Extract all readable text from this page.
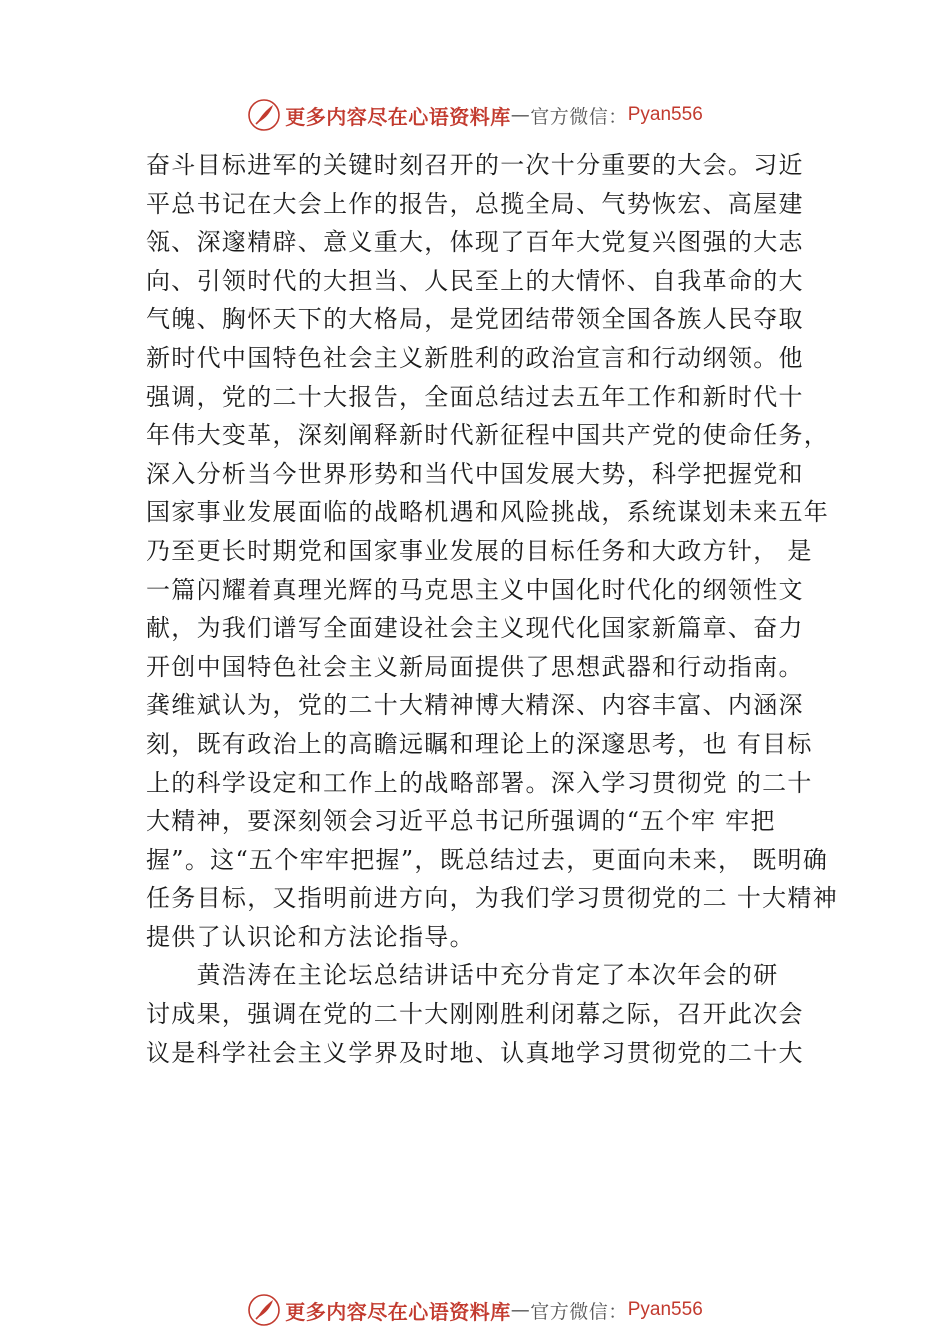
更多内容尽在心语资料库 — 官方微信： Pyan556
奋斗目标进军的关键时刻召开的一次十分重要的大会。习近
平总书记在大会上作的报告，总揽全局、气势恢宏、高屋建
瓴、深邃精辟、意义重大，体现了百年大党复兴图强的大志
向、引领时代的大担当、人民至上的大情怀、自我革命的大
气魄、胸怀天下的大格局，是党团结带领全国各族人民夺取
新时代中国特色社会主义新胜利的政治宣言和行动纲领。他
强调，党的二十大报告，全面总结过去五年工作和新时代十
年伟大变革，深刻阐释新时代新征程中国共产党的使命任务，
深入分析当今世界形势和当代中国发展大势，科学把握党和
国家事业发展面临的战略机遇和风险挑战，系统谋划未来五年
乃至更长时期党和国家事业发展的目标任务和大政方针， 是
一篇闪耀着真理光辉的马克思主义中国化时代化的纲领性文
献，为我们谱写全面建设社会主义现代化国家新篇章、奋力
开创中国特色社会主义新局面提供了思想武器和行动指南。
龚维斌认为，党的二十大精神博大精深、内容丰富、内涵深
刻，既有政治上的高瞻远瞩和理论上的深邃思考，也 有目标
上的科学设定和工作上的战略部署。深入学习贯彻党 的二十
大精神，要深刻领会习近平总书记所强调的“五个牢 牢把
握”。这“五个牢牢把握”，既总结过去，更面向未来， 既明确
任务目标，又指明前进方向，为我们学习贯彻党的二 十大精神
提供了认识论和方法论指导。
　　黄浩涛在主论坛总结讲话中充分肯定了本次年会的研
讨成果，强调在党的二十大刚刚胜利闭幕之际，召开此次会
议是科学社会主义学界及时地、认真地学习贯彻党的二十大
更多内容尽在心语资料库 — 官方微信： Pyan556
